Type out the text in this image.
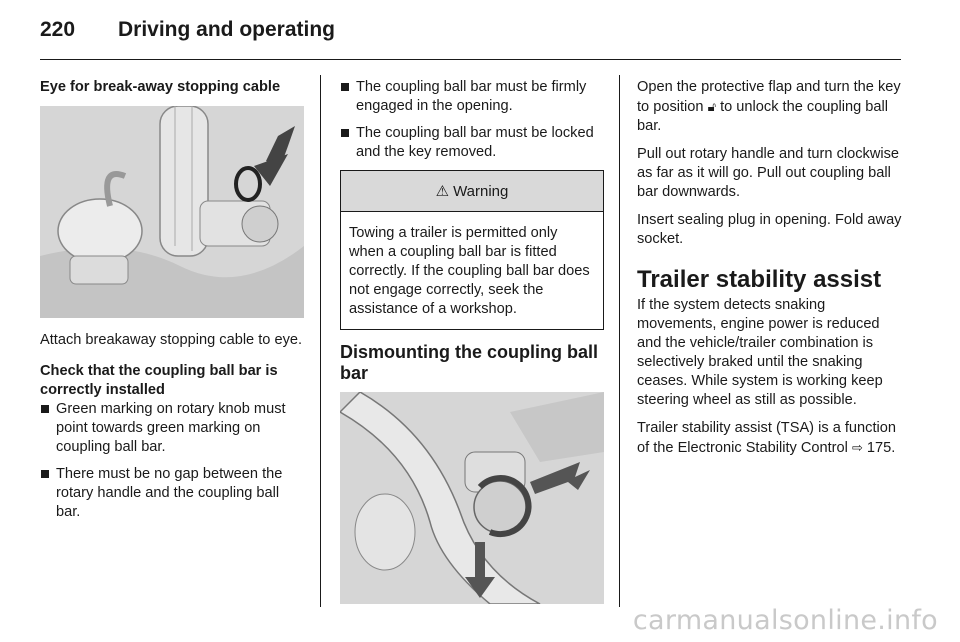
220	Driving and operating

Eye for break-away stopping cable

Attach breakaway stopping cable to eye.

Check that the coupling ball bar is correctly installed

Green marking on rotary knob must point towards green marking on coupling ball bar.
There must be no gap between the rotary handle and the coupling ball bar.
The coupling ball bar must be firmly engaged in the opening.
The coupling ball bar must be locked and the key removed.
⚠ Warning
Towing a trailer is permitted only when a coupling ball bar is fitted correctly. If the coupling ball bar does not engage correctly, seek the assistance of a workshop.
Dismounting the coupling ball bar

Open the protective flap and turn the key to position 🔓︎ to unlock the coupling ball bar.

Pull out rotary handle and turn clockwise as far as it will go. Pull out coupling ball bar downwards.

Insert sealing plug in opening. Fold away socket.

Trailer stability assist

If the system detects snaking movements, engine power is reduced and the vehicle/trailer combination is selectively braked until the snaking ceases. While system is working keep steering wheel as still as possible.

Trailer stability assist (TSA) is a function of the Electronic Stability Control ⇨ 175.

carmanualsonline.info
